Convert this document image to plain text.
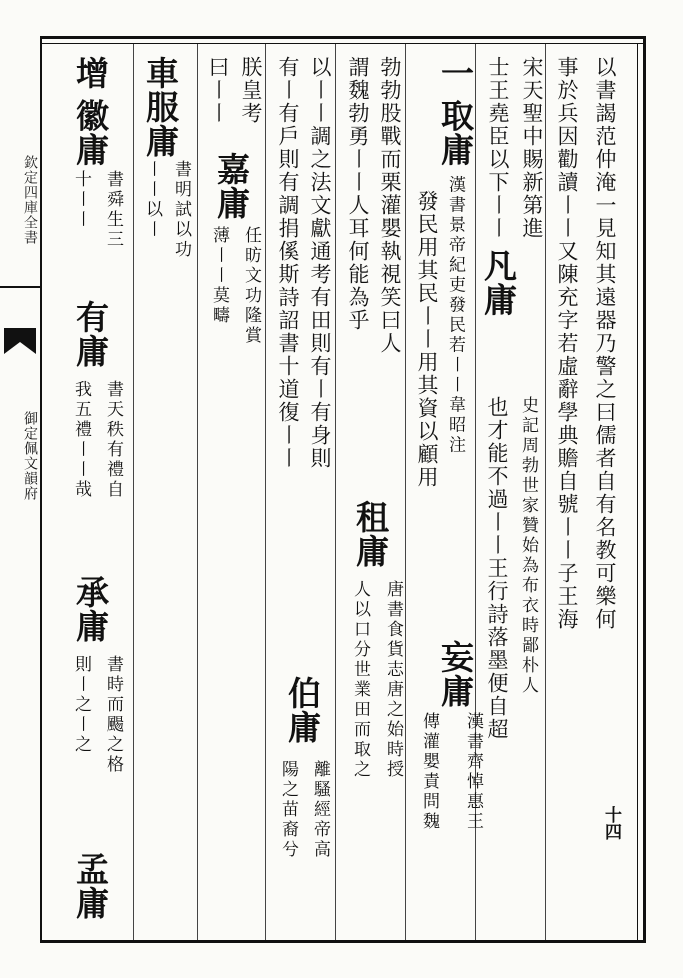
欽定四庫全書
御定佩文韻府	以書謁范仲淹一見知其遠器乃警之曰儒者自有名教可樂何
事於兵因勸讀〡〡又陳充字若虛辭學典贍自號〡〡子王海
宋天聖中賜新第進
士王堯臣以下〡〡 凡庸
史記周勃世家贊始為布衣時鄙朴人
也才能不過〡〡王行詩落墨便自超
一 取庸 漢書景帝紀吏發民若〡〡韋昭注
發民用其民〡〡用其資以顧用
妄庸
漢書齊悼惠王
傳灌嬰責問魏
勃勃股戰而栗灌嬰執視笑曰人
謂魏勃勇〡〡人耳何能為乎
租庸
唐書食貨志唐之始時授
人以口分世業田而取之
以〡〡調之法文獻通考有田則有〡有身則
有〡有戶則有調捐傒斯詩詔書十道復〡〡
伯庸
離騷經帝高
陽之苗裔兮
朕皇考
曰〡〡
嘉庸
任昉文功隆賞
薄〡〡莫疇
車服庸
書明試以功
〡〡以〡
增 徽庸
書舜生三
十〡〡
有庸
書天秩有禮自
我五禮〡〡哉
承庸
書時而颺之格
則〡之〡之
孟庸
十四
